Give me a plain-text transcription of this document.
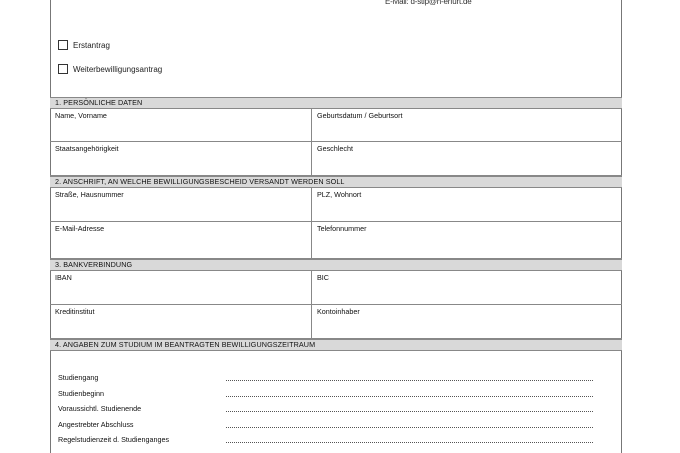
E-Mail: d-stip@h-erfurt.de
Erstantrag
Weiterbewilligungsantrag
1. PERSÖNLICHE DATEN
Name, Vorname	Geburtsdatum / Geburtsort
Staatsangehörigkeit	Geschlecht
2. ANSCHRIFT, AN WELCHE BEWILLIGUNGSBESCHEID VERSANDT WERDEN SOLL
Straße, Hausnummer	PLZ, Wohnort
E-Mail-Adresse	Telefonnummer
3. BANKVERBINDUNG
IBAN	BIC
Kreditinstitut	Kontoinhaber
4. ANGABEN ZUM STUDIUM IM BEANTRAGTEN BEWILLIGUNGSZEITRAUM
Studiengang
Studienbeginn
Voraussichtl. Studienende
Angestrebter Abschluss
Regelstudienzeit d. Studienganges
